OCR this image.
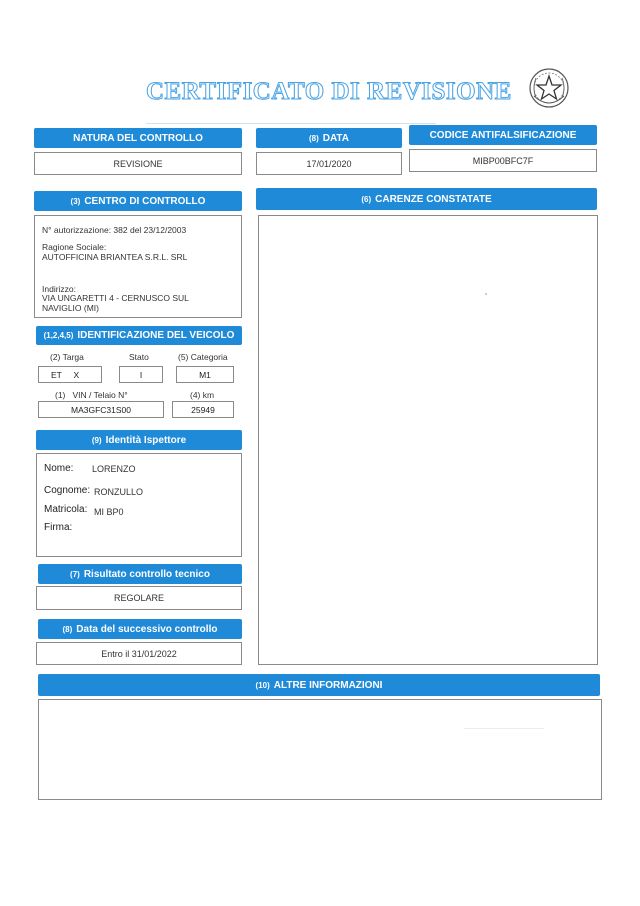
CERTIFICATO DI REVISIONE
NATURA DEL CONTROLLO
REVISIONE
(8) DATA
17/01/2020
CODICE ANTIFALSIFICAZIONE
MIBP00BFC7F
(3) CENTRO DI CONTROLLO
N° autorizzazione: 382 del 23/12/2003
Ragione Sociale:
AUTOFFICINA BRIANTEA S.R.L. SRL
Indirizzo:
VIA UNGARETTI 4 - CERNUSCO SUL
NAVIGLIO (MI)
(6) CARENZE CONSTATATE
(1,2,4,5) IDENTIFICAZIONE DEL VEICOLO
(2) Targa	Stato	(5) Categoria
ET     X	I	M1
(1)   VIN / Telaio N°	(4) km
MA3GFC31S00	25949
(9) Identità Ispettore
Nome: LORENZO
Cognome: RONZULLO
Matricola: MI BP0
Firma:
(7) Risultato controllo tecnico
REGOLARE
(8) Data del successivo controllo
Entro il 31/01/2022
(10) ALTRE INFORMAZIONI
